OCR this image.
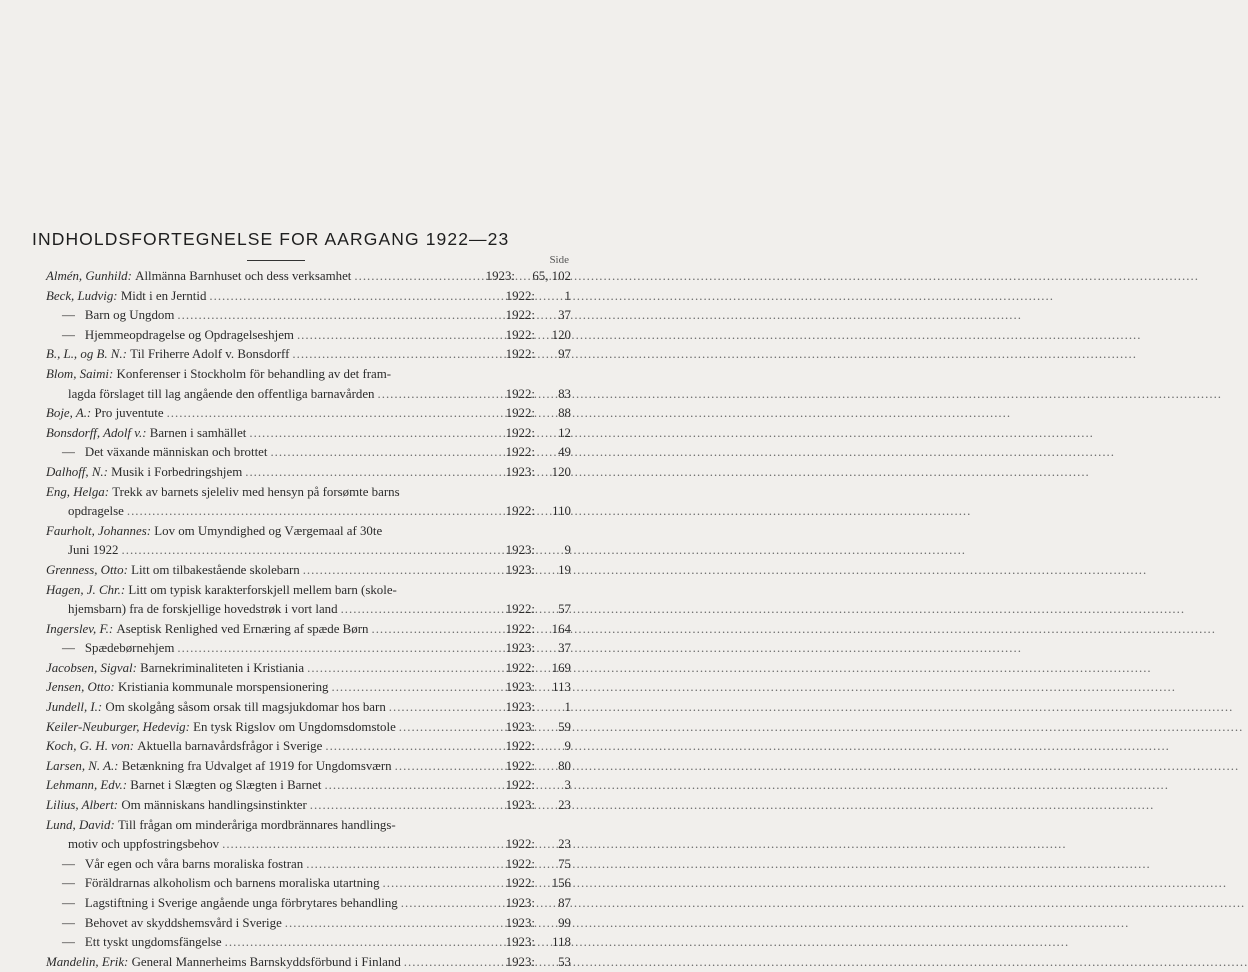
INDHOLDSFORTEGNELSE FOR AARGANG 1922—23
Side
Almén, Gunhild: Allmänna Barnhuset och dess verksamhet .....	1923:	65, 102
Beck, Ludvig: Midt i en Jerntid .....	1922:	1
— Barn og Ungdom .....	1922:	37
— Hjemmeopdragelse og Opdragelseshjem .....	1922:	120
B., L., og B. N.: Til Friherre Adolf v. Bonsdorff .....	1922:	97
Blom, Saimi: Konferenser i Stockholm för behandling av det fram-
lagda förslaget till lag angående den offentliga barnavården .....	1922:	83
Boje, A.: Pro juventute .....	1922:	88
Bonsdorff, Adolf v.: Barnen i samhället .....	1922:	12
— Det växande människan och brottet .....	1922:	49
Dalhoff, N.: Musik i Forbedringshjem .....	1923:	120
Eng, Helga: Trekk av barnets sjeleliv med hensyn på forsømte barns
opdragelse .....	1922:	110
Faurholt, Johannes: Lov om Umyndighed og Værgemaal af 30te
Juni 1922 .....	1923:	9
Grenness, Otto: Litt om tilbakestående skolebarn .....	1923:	19
Hagen, J. Chr.: Litt om typisk karakterforskjell mellem barn (skole-
hjemsbarn) fra de forskjellige hovedstrøk i vort land .....	1922:	57
Ingerslev, F.: Aseptisk Renlighed ved Ernæring af spæde Børn .....	1922:	164
— Spædebørnehjem .....	1923:	37
Jacobsen, Sigval: Barnekriminaliteten i Kristiania .....	1922:	169
Jensen, Otto: Kristiania kommunale morspensionering .....	1923:	113
Jundell, I.: Om skolgång såsom orsak till magsjukdomar hos barn .....	1923:	1
Keiler-Neuburger, Hedevig: En tysk Rigslov om Ungdomsdomstole .....	1923:	59
Koch, G. H. von: Aktuella barnavårdsfrågor i Sverige .....	1922:	9
Larsen, N. A.: Betænkning fra Udvalget af 1919 for Ungdomsværn .....	1922:	80
Lehmann, Edv.: Barnet i Slægten og Slægten i Barnet .....	1922:	3
Lilius, Albert: Om människans handlingsinstinkter .....	1923:	23
Lund, David: Till frågan om minderåriga mordbrännares handlings-
motiv och uppfostringsbehov .....	1922:	23
— Vår egen och våra barns moraliska fostran .....	1922:	75
— Föräldrarnas alkoholism och barnens moraliska utartning .....	1922:	156
— Lagstiftning i Sverige angående unga förbrytares behandling .....	1923:	87
— Behovet av skyddshemsvård i Sverige .....	1923:	99
— Ett tyskt ungdomsfängelse .....	1923:	118
Mandelin, Erik: General Mannerheims Barnskyddsförbund i Finland .....	1923:	53
